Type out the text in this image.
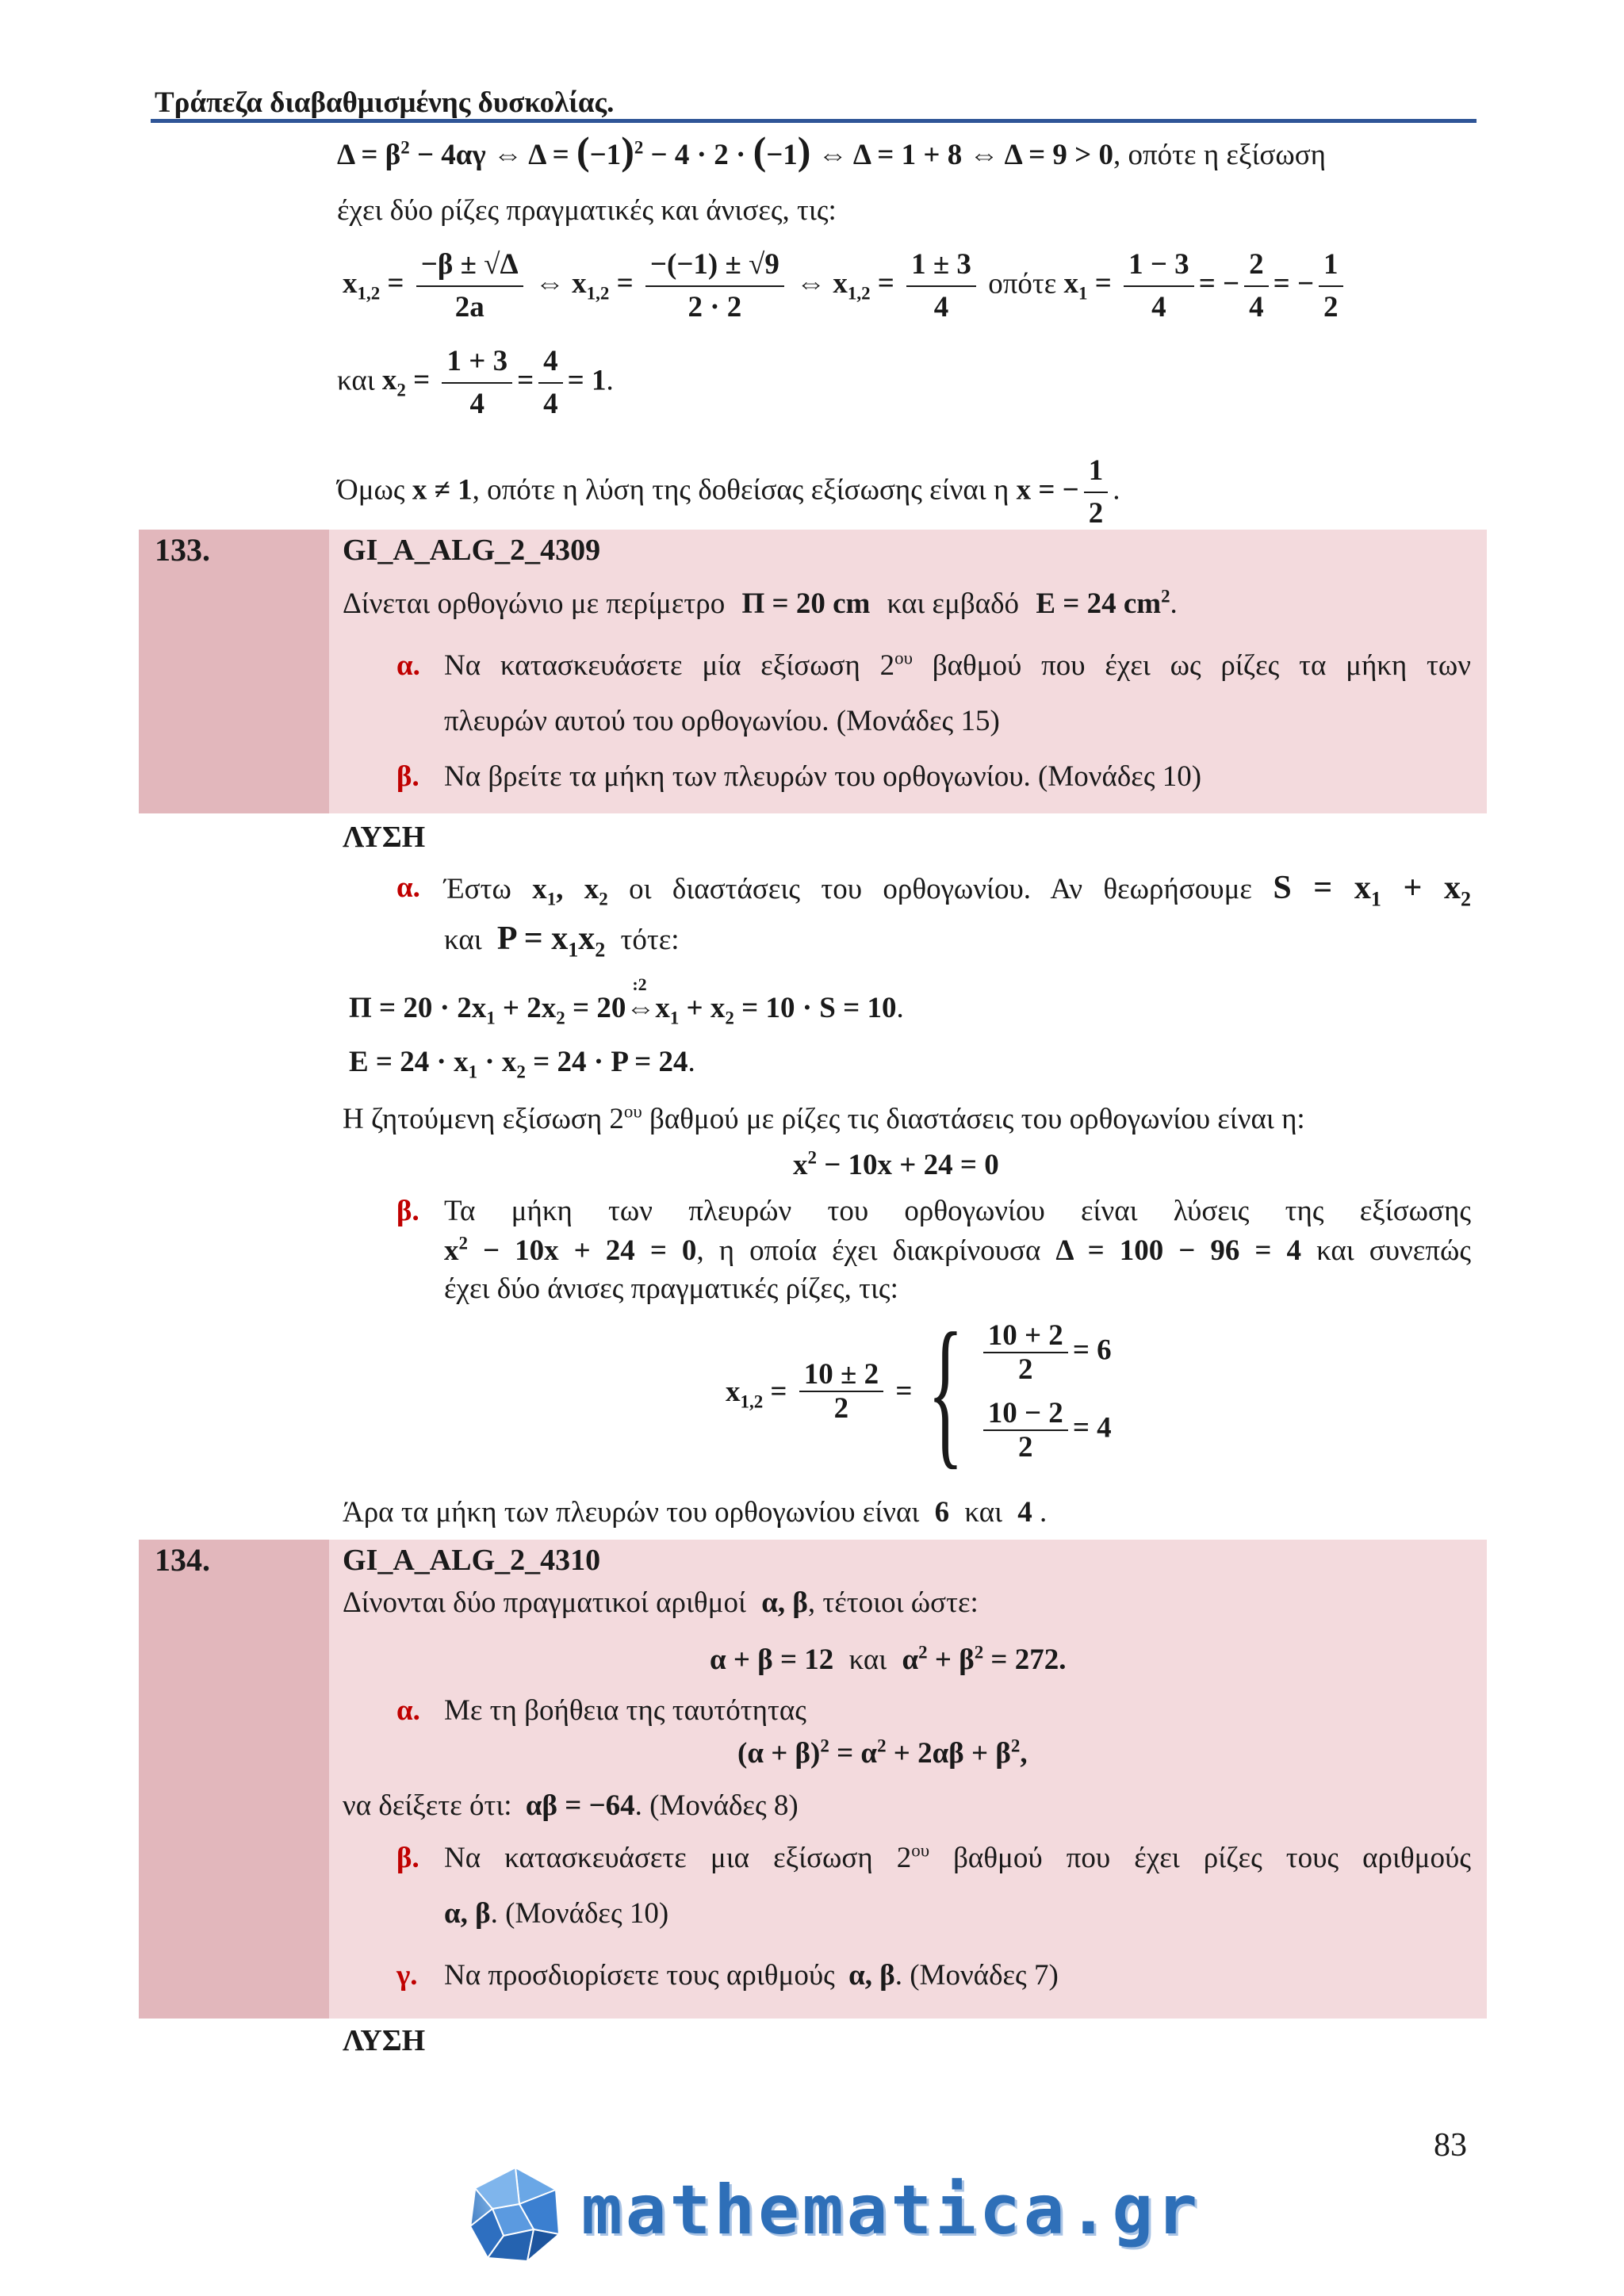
Τράπεζα διαβαθμισμένης δυσκολίας.
$\Delta = \beta^2 - 4\alpha\gamma$ ⇔ $\Delta = (-1)^2 - 4 \cdot 2 \cdot (-1)$ ⇔ Δ = 1 + 8 ⇔ Δ = 9 > 0, οπότε η εξίσωση
έχει δύο ρίζες πραγματικές και άνισες, τις:
$x_{1,2} = \frac{-\beta \pm √\Delta}{2a}$ ⇔ $x_{1,2} = \frac{-(-1) \pm √9}{2 \cdot 2}$ ⇔ $x_{1,2} = \frac{1 \pm 3}{4}$ οπότε $x_1 = \frac{1 - 3}{4}$ = − $\frac{2}{4}$ = − $\frac{1}{2}$
και $x_2 = \frac{1 + 3}{4} = \frac{4}{4} = 1$.
Όμως x ≠ 1, οπότε η λύση της δοθείσας εξίσωσης είναι η x = − $\frac{1}{2}$ .
133.	GI_A_ALG_2_4309
Δίνεται ορθογώνιο με περίμετρο Π = 20 cm και εμβαδό E = 24 $cm^2$.
α. Να κατασκευάσετε μία εξίσωση $2^{o\upsilon}$ βαθμού που έχει ως ρίζες τα μήκη των
πλευρών αυτού του ορθογωνίου. (Μονάδες 15)
β. Να βρείτε τα μήκη των πλευρών του ορθογωνίου. (Μονάδες 10)
ΛΥΣΗ
α. Έστω $x_1$, $x_2$ οι διαστάσεις του ορθογωνίου. Αν θεωρήσουμε $S = x_1 + x_2$
και $P = x_1x_2$ τότε:
$\Pi = 20 \cdot 2x_1 + 2x_2 = 20$
:2
$\Leftrightarrow x_1 + x_2 = 10 \cdot S = 10$.
$E = 24 \cdot x_1 \cdot x_2 = 24 \cdot P = 24$.
Η ζητούμενη εξίσωση $2^{o\upsilon}$ βαθμού με ρίζες τις διαστάσεις του ορθογωνίου είναι η:
$x^2 - 10x + 24 = 0$
β. Τα μήκη των πλευρών του ορθογωνίου είναι λύσεις της εξίσωσης
$x^2 - 10x + 24 = 0$, η οποία έχει διακρίνουσα Δ = 100 − 96 = 4 και συνεπώς
έχει δύο άνισες πραγματικές ρίζες, τις:
$x_{1,2} = \frac{10 \pm 2}{2}$ = { $\frac{10 + 2}{2} = 6$
$\frac{10 - 2}{2} = 4$
Άρα τα μήκη των πλευρών του ορθογωνίου είναι 6 και 4 .
134.	GI_A_ALG_2_4310
Δίνονται δύο πραγματικοί αριθμοί α, β, τέτοιοι ώστε:
α + β = 12 και $\alpha^2 + \beta^2 = 272$.
α. Με τη βοήθεια της ταυτότητας
$(\alpha + \beta)^2 = \alpha^2 + 2\alpha\beta + \beta^2$,
να δείξετε ότι: αβ = −64. (Μονάδες 8)
β. Να κατασκευάσετε μια εξίσωση $2^{o\upsilon}$ βαθμού που έχει ρίζες τους αριθμούς
α, β. (Μονάδες 10)
γ. Να προσδιορίσετε τους αριθμούς α, β. (Μονάδες 7)
ΛΥΣΗ
83
mathematica.gr
